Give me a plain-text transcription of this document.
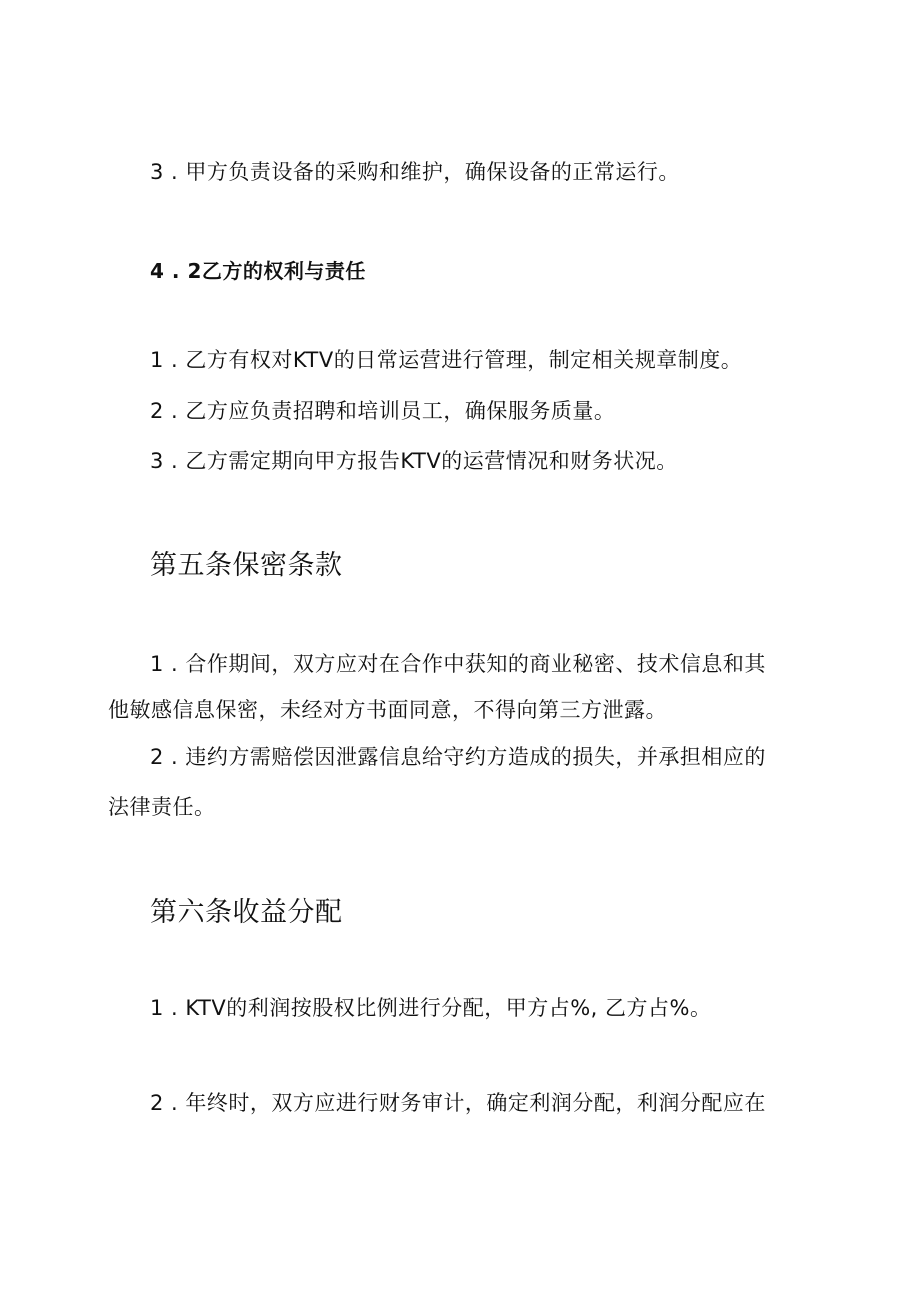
3 . 甲方负责设备的采购和维护，确保设备的正常运行。
4 . 2乙方的权利与责任
1 . 乙方有权对KTV的日常运营进行管理，制定相关规章制度。
2 . 乙方应负责招聘和培训员工，确保服务质量。
3 . 乙方需定期向甲方报告KTV的运营情况和财务状况。
第五条保密条款
1 . 合作期间，双方应对在合作中获知的商业秘密、技术信息和其
他敏感信息保密，未经对方书面同意，不得向第三方泄露。
2 . 违约方需赔偿因泄露信息给守约方造成的损失，并承担相应的
法律责任。
第六条收益分配
1 . KTV的利润按股权比例进行分配，甲方占%, 乙方占%。
2 . 年终时，双方应进行财务审计，确定利润分配，利润分配应在
